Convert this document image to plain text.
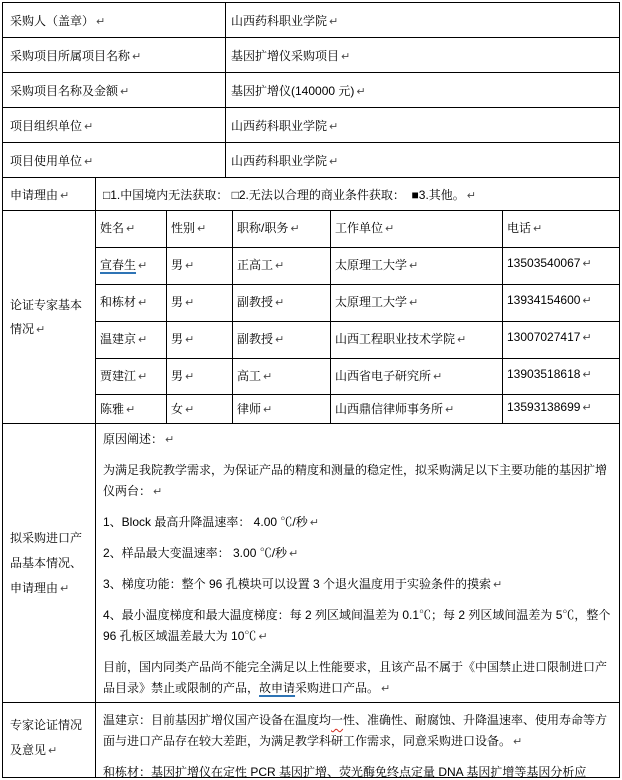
采购人（盖章） ↵	山西药科职业学院 ↵
采购项目所属项目名称 ↵	基因扩增仪采购项目 ↵
采购项目名称及金额 ↵	基因扩增仪(140000 元) ↵
项目组织单位 ↵	山西药科职业学院 ↵
项目使用单位 ↵	山西药科职业学院 ↵
申请理由 ↵	□1.中国境内无法获取： □2.无法以合理的商业条件获取：  ■3.其他。 ↵
论证专家基本情况 ↵
姓名 ↵	性别 ↵	职称/职务 ↵	工作单位 ↵	电话 ↵
宣春生 ↵	男 ↵	正高工 ↵	太原理工大学 ↵	13503540067 ↵
和栋材 ↵	男 ↵	副教授 ↵	太原理工大学 ↵	13934154600 ↵
温建京 ↵	男 ↵	副教授 ↵	山西工程职业技术学院 ↵	13007027417 ↵
贾建江 ↵	男 ↵	高工 ↵	山西省电子研究所 ↵	13903518618 ↵
陈雅 ↵	女 ↵	律师 ↵	山西鼎信律师事务所 ↵	13593138699 ↵
拟采购进口产品基本情况、申请理由 ↵
原因阐述： ↵
为满足我院教学需求，为保证产品的精度和测量的稳定性，拟采购满足以下主要功能的基因扩增仪两台： ↵
1、Block 最高升降温速率： 4.00 ℃/秒 ↵
2、样品最大变温速率： 3.00 ℃/秒 ↵
3、梯度功能：整个 96 孔模块可以设置 3 个退火温度用于实验条件的摸索 ↵
4、最小温度梯度和最大温度梯度：每 2 列区域间温差为 0.1℃；每 2 列区域间温差为 5℃，整个 96 孔板区域温差最大为 10℃ ↵
目前，国内同类产品尚不能完全满足以上性能要求，且该产品不属于《中国禁止进口限制进口产品目录》禁止或限制的产品，故申请采购进口产品。 ↵
专家论证情况及意见 ↵
温建京：目前基因扩增仪国产设备在温度均一性、准确性、耐腐蚀、升降温速率、使用寿命等方面与进口产品存在较大差距，为满足教学科研工作需求，同意采购进口设备。 ↵
和栋材：基因扩增仪在定性 PCR 基因扩增、荧光酶免终点定量 DNA 基因扩增等基因分析应
